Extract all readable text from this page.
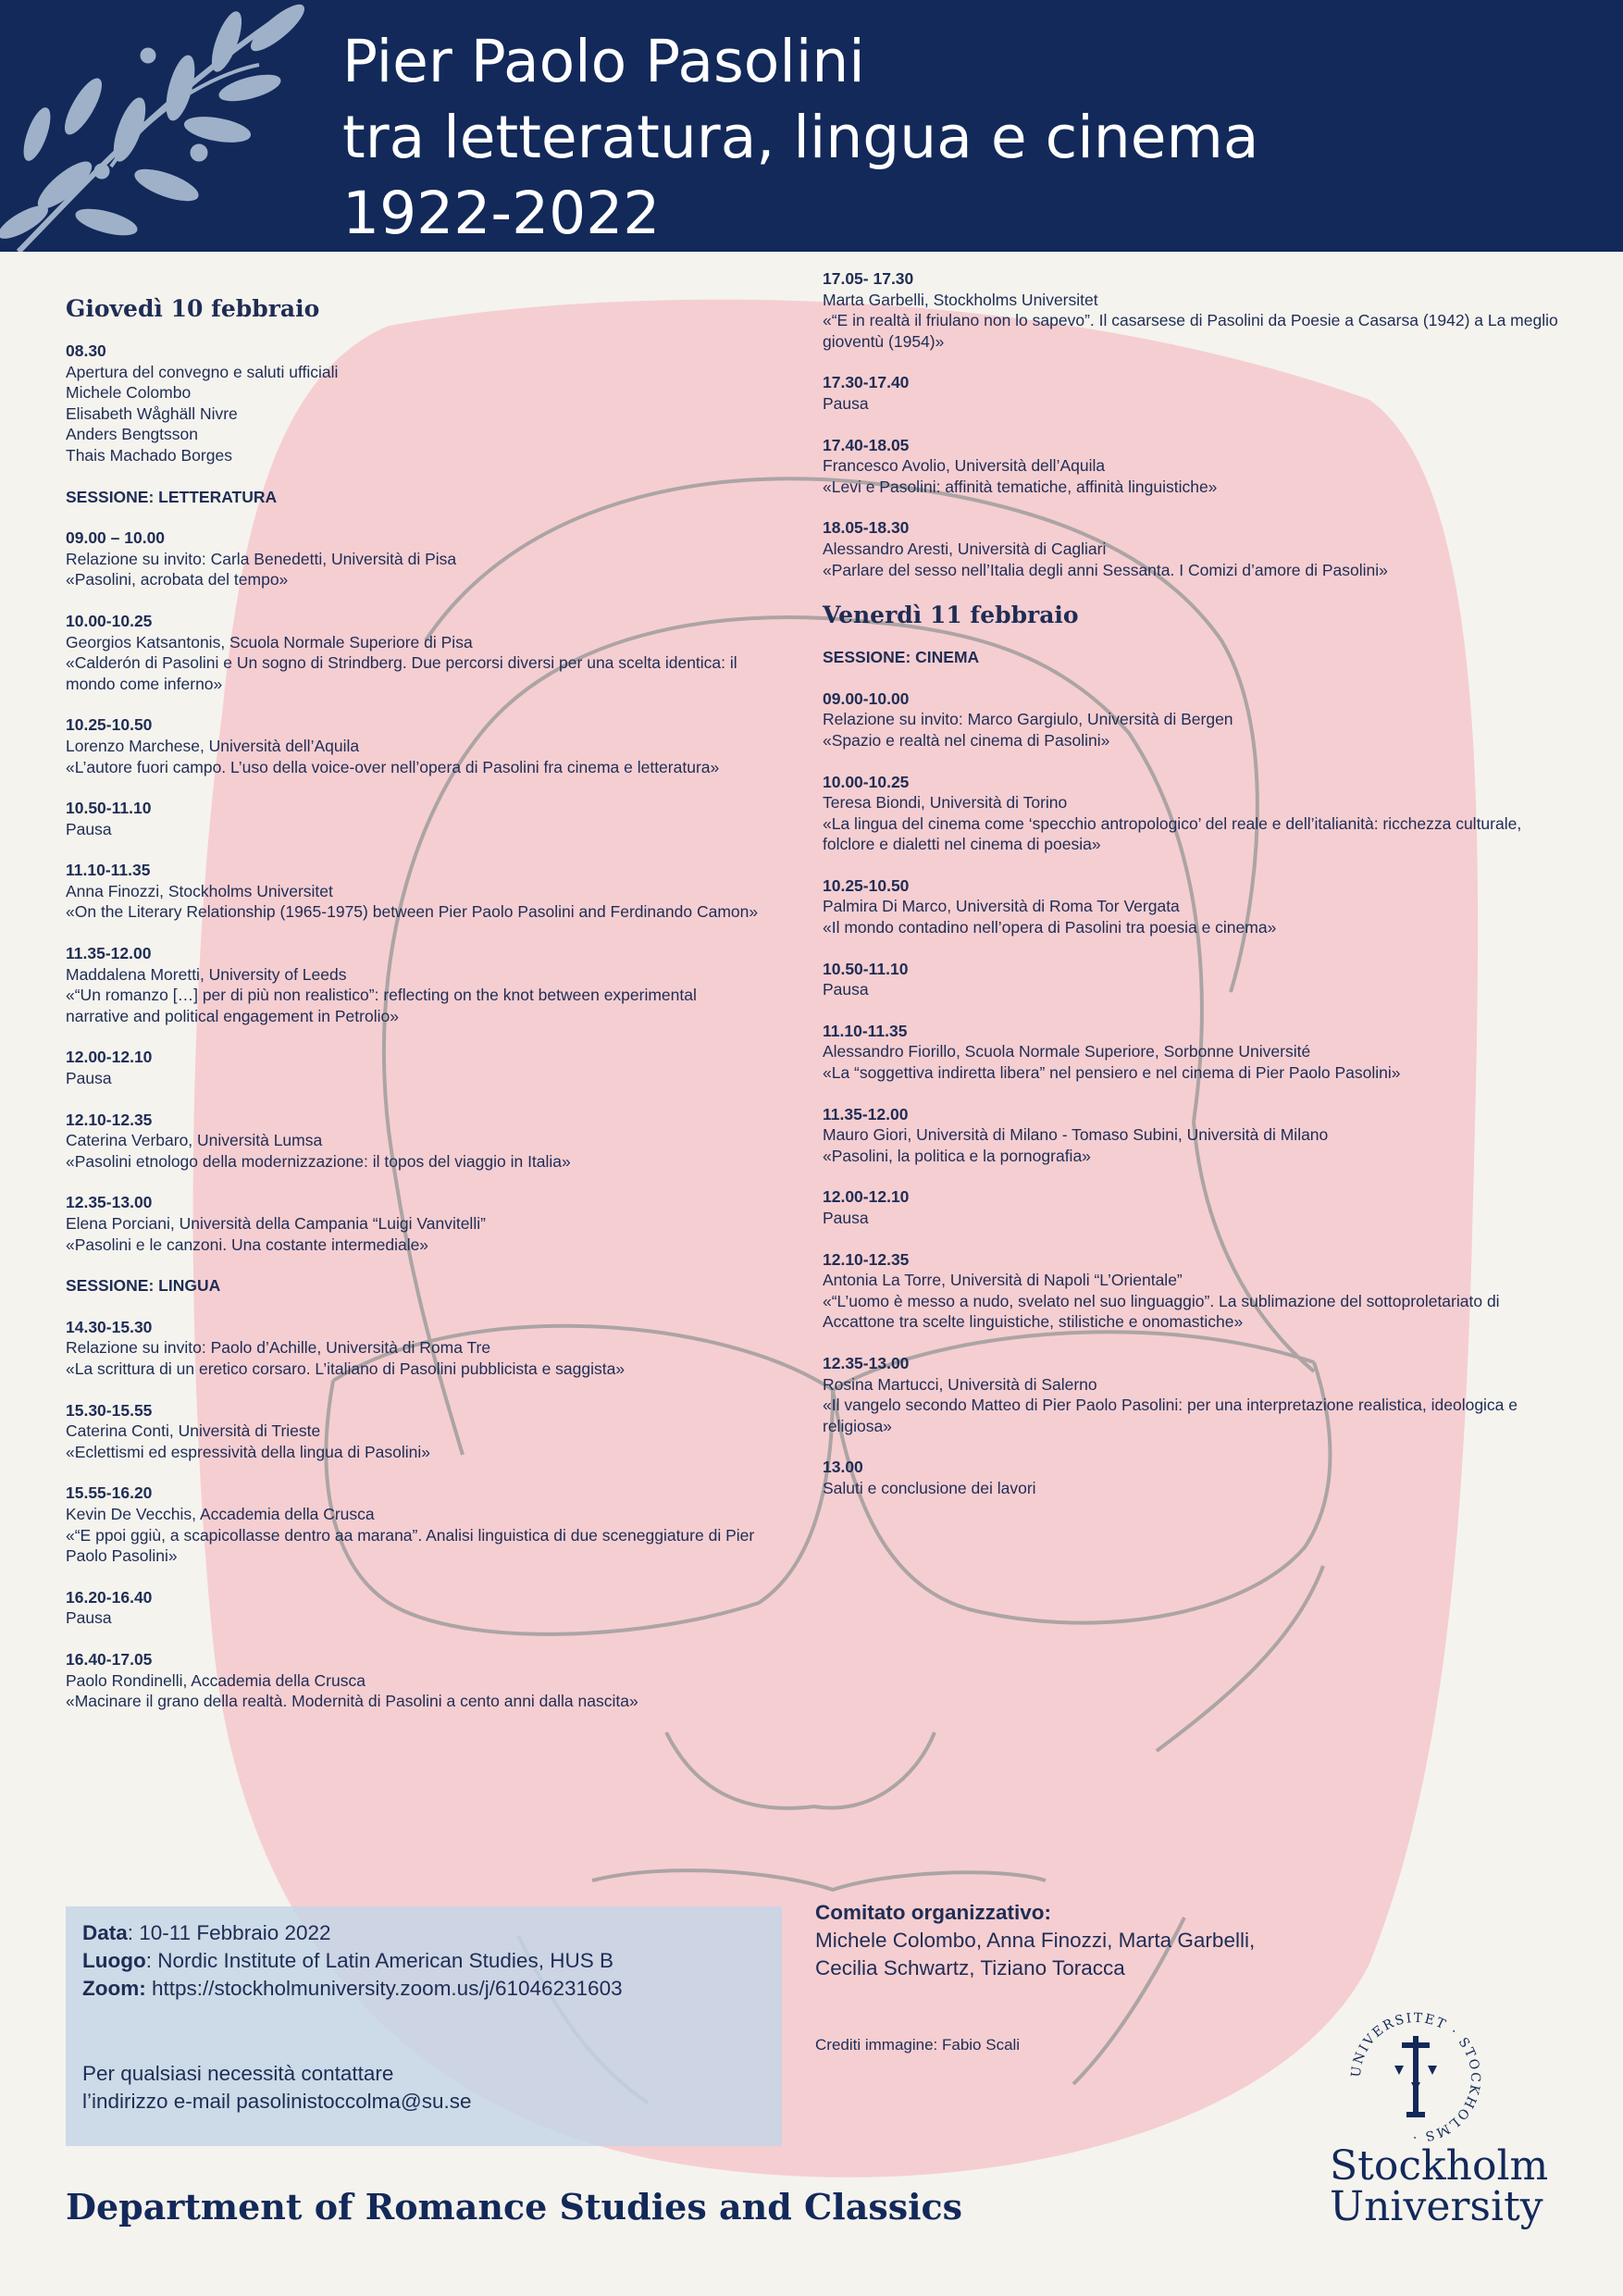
Pier Paolo Pasolini
tra letteratura, lingua e cinema
1922-2022
Giovedì 10 febbraio
08.30
Apertura del convegno e saluti ufficiali
Michele Colombo
Elisabeth Wåghäll Nivre
Anders Bengtsson
Thais Machado Borges
SESSIONE: LETTERATURA
09.00 – 10.00
Relazione su invito: Carla Benedetti, Università di Pisa
«Pasolini, acrobata del tempo»
10.00-10.25
Georgios Katsantonis, Scuola Normale Superiore di Pisa
«Calderón di Pasolini e Un sogno di Strindberg. Due percorsi diversi per una scelta identica: il
mondo come inferno»
10.25-10.50
Lorenzo Marchese, Università dell’Aquila
«L’autore fuori campo. L’uso della voice-over nell’opera di Pasolini fra cinema e letteratura»
10.50-11.10
Pausa
11.10-11.35
Anna Finozzi, Stockholms Universitet
«On the Literary Relationship (1965-1975) between Pier Paolo Pasolini and Ferdinando Camon»
11.35-12.00
Maddalena Moretti, University of Leeds
«“Un romanzo […] per di più non realistico”: reflecting on the knot between experimental
narrative and political engagement in Petrolio»
12.00-12.10
Pausa
12.10-12.35
Caterina Verbaro, Università Lumsa
«Pasolini etnologo della modernizzazione: il topos del viaggio in Italia»
12.35-13.00
Elena Porciani, Università della Campania “Luigi Vanvitelli”
«Pasolini e le canzoni. Una costante intermediale»
SESSIONE: LINGUA
14.30-15.30
Relazione su invito: Paolo d’Achille, Università di Roma Tre
«La scrittura di un eretico corsaro. L’italiano di Pasolini pubblicista e saggista»
15.30-15.55
Caterina Conti, Università di Trieste
«Eclettismi ed espressività della lingua di Pasolini»
15.55-16.20
Kevin De Vecchis, Accademia della Crusca
«“E ppoi ggiù, a scapicollasse dentro aa marana”. Analisi linguistica di due sceneggiature di Pier
Paolo Pasolini»
16.20-16.40
Pausa
16.40-17.05
Paolo Rondinelli, Accademia della Crusca
«Macinare il grano della realtà. Modernità di Pasolini a cento anni dalla nascita»
17.05- 17.30
Marta Garbelli, Stockholms Universitet
«“E in realtà il friulano non lo sapevo”. Il casarsese di Pasolini da Poesie a Casarsa (1942) a La meglio
gioventù (1954)»
17.30-17.40
Pausa
17.40-18.05
Francesco Avolio, Università dell’Aquila
«Levi e Pasolini: affinità tematiche, affinità linguistiche»
18.05-18.30
Alessandro Aresti, Università di Cagliari
«Parlare del sesso nell’Italia degli anni Sessanta. I Comizi d’amore di Pasolini»
Venerdì 11 febbraio
SESSIONE: CINEMA
09.00-10.00
Relazione su invito: Marco Gargiulo, Università di Bergen
«Spazio e realtà nel cinema di Pasolini»
10.00-10.25
Teresa Biondi, Università di Torino
«La lingua del cinema come ‘specchio antropologico’ del reale e dell’italianità: ricchezza culturale,
folclore e dialetti nel cinema di poesia»
10.25-10.50
Palmira Di Marco, Università di Roma Tor Vergata
«Il mondo contadino nell’opera di Pasolini tra poesia e cinema»
10.50-11.10
Pausa
11.10-11.35
Alessandro Fiorillo, Scuola Normale Superiore, Sorbonne Université
«La “soggettiva indiretta libera” nel pensiero e nel cinema di Pier Paolo Pasolini»
11.35-12.00
Mauro Giori, Università di Milano - Tomaso Subini, Università di Milano
«Pasolini, la politica e la pornografia»
12.00-12.10
Pausa
12.10-12.35
Antonia La Torre, Università di Napoli “L’Orientale”
«“L’uomo è messo a nudo, svelato nel suo linguaggio”. La sublimazione del sottoproletariato di
Accattone tra scelte linguistiche, stilistiche e onomastiche»
12.35-13.00
Rosina Martucci, Università di Salerno
«Il vangelo secondo Matteo di Pier Paolo Pasolini: per una interpretazione realistica, ideologica e
religiosa»
13.00
Saluti e conclusione dei lavori
Data: 10-11 Febbraio 2022
Luogo: Nordic Institute of Latin American Studies, HUS B
Zoom: https://stockholmuniversity.zoom.us/j/61046231603
Per qualsiasi necessità contattare
l’indirizzo e-mail pasolinistoccolma@su.se
Comitato organizzativo:
Michele Colombo, Anna Finozzi, Marta Garbelli,
Cecilia Schwartz, Tiziano Toracca
Crediti immagine: Fabio Scali
Department of Romance Studies and Classics
UNIVERSITET · STOCKHOLMS ·
Stockholm
University
